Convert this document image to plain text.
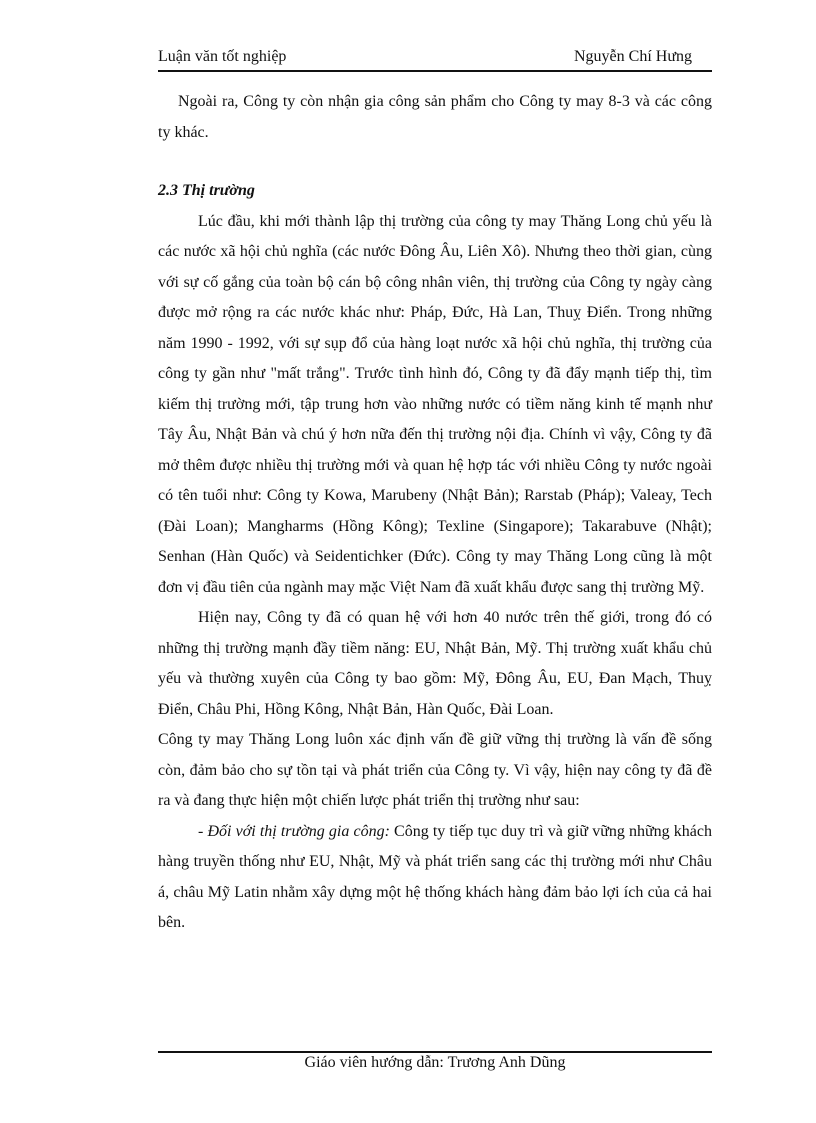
Luận văn tốt nghiệp	Nguyễn Chí Hưng

Ngoài ra, Công ty còn nhận gia công sản phẩm cho Công ty may 8-3 và các công ty khác.

2.3 Thị trường

Lúc đầu, khi mới thành lập thị trường của công ty may Thăng Long chủ yếu là các nước xã hội chủ nghĩa (các nước Đông Âu, Liên Xô). Nhưng theo thời gian, cùng với sự cố gắng của toàn bộ cán bộ công nhân viên, thị trường của Công ty ngày càng được mở rộng ra các nước khác như: Pháp, Đức, Hà Lan, Thuỵ Điển. Trong những năm 1990 - 1992, với sự sụp đổ của hàng loạt nước xã hội chủ nghĩa, thị trường của công ty gần như "mất trắng". Trước tình hình đó, Công ty đã đẩy mạnh tiếp thị, tìm kiếm thị trường mới, tập trung hơn vào những nước có tiềm năng kinh tế mạnh như Tây Âu, Nhật Bản và chú ý hơn nữa đến thị trường nội địa. Chính vì vậy, Công ty đã mở thêm được nhiều thị trường mới và quan hệ hợp tác với nhiều Công ty nước ngoài có tên tuổi như: Công ty Kowa, Marubeny (Nhật Bản); Rarstab (Pháp); Valeay, Tech (Đài Loan); Mangharms (Hồng Kông); Texline (Singapore); Takarabuve (Nhật); Senhan (Hàn Quốc) và Seidentichker (Đức). Công ty may Thăng Long cũng là một đơn vị đầu tiên của ngành may mặc Việt Nam đã xuất khẩu được sang thị trường Mỹ.

Hiện nay, Công ty đã có quan hệ với hơn 40 nước trên thế giới, trong đó có những thị trường mạnh đầy tiềm năng: EU, Nhật Bản, Mỹ. Thị trường xuất khẩu chủ yếu và thường xuyên của Công ty bao gồm: Mỹ, Đông Âu, EU, Đan Mạch, Thuỵ Điển, Châu Phi, Hồng Kông, Nhật Bản, Hàn Quốc, Đài Loan.

Công ty may Thăng Long luôn xác định vấn đề giữ vững thị trường là vấn đề sống còn, đảm bảo cho sự tồn tại và phát triển của Công ty. Vì vậy, hiện nay công ty đã đề ra và đang thực hiện một chiến lược phát triển thị trường như sau:

- Đối với thị trường gia công: Công ty tiếp tục duy trì và giữ vững những khách hàng truyền thống như EU, Nhật, Mỹ và phát triển sang các thị trường mới như Châu á, châu Mỹ Latin nhằm xây dựng một hệ thống khách hàng đảm bảo lợi ích của cả hai bên.

Giáo viên hướng dẫn: Trương Anh Dũng
